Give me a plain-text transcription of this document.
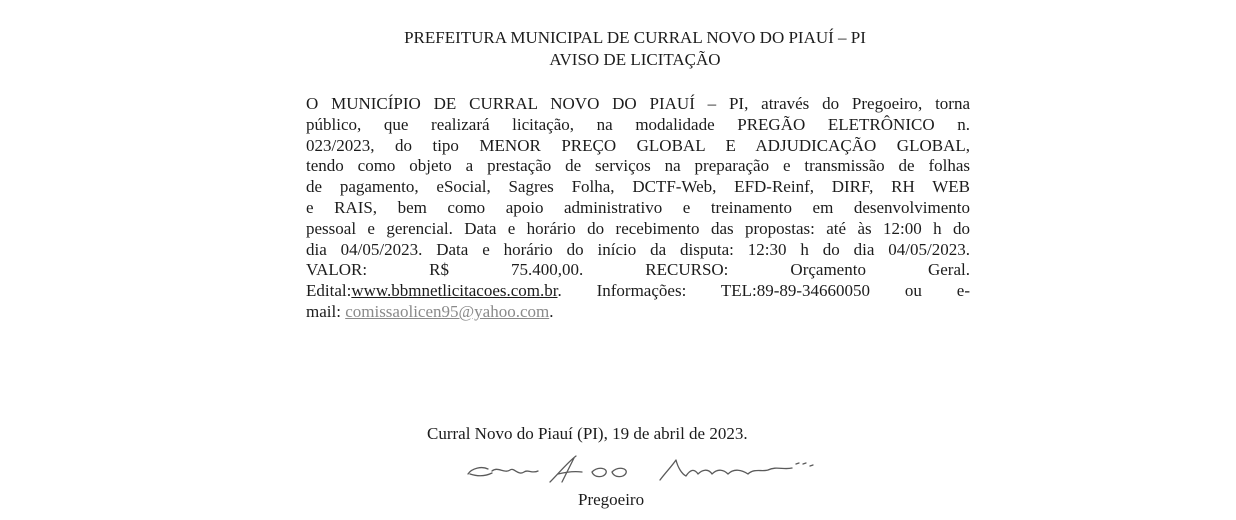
PREFEITURA MUNICIPAL DE CURRAL NOVO DO PIAUÍ – PI

AVISO DE LICITAÇÃO

O MUNICÍPIO DE CURRAL NOVO DO PIAUÍ – PI, através do Pregoeiro, torna
público, que realizará licitação, na modalidade PREGÃO ELETRÔNICO n.
023/2023, do tipo MENOR PREÇO GLOBAL E ADJUDICAÇÃO GLOBAL,
tendo como objeto a prestação de serviços na preparação e transmissão de folhas
de pagamento, eSocial, Sagres Folha, DCTF-Web, EFD-Reinf, DIRF, RH WEB
e RAIS, bem como apoio administrativo e treinamento em desenvolvimento
pessoal e gerencial. Data e horário do recebimento das propostas: até às 12:00 h do
dia 04/05/2023. Data e horário do início da disputa: 12:30 h do dia 04/05/2023.
VALOR: R$ 75.400,00. RECURSO: Orçamento Geral.
Edital:www.bbmnetlicitacoes.com.br. Informações: TEL:89-89-34660050 ou e-
mail: comissaolicen95@yahoo.com.
Curral Novo do Piauí (PI), 19 de abril de 2023.
Pregoeiro
